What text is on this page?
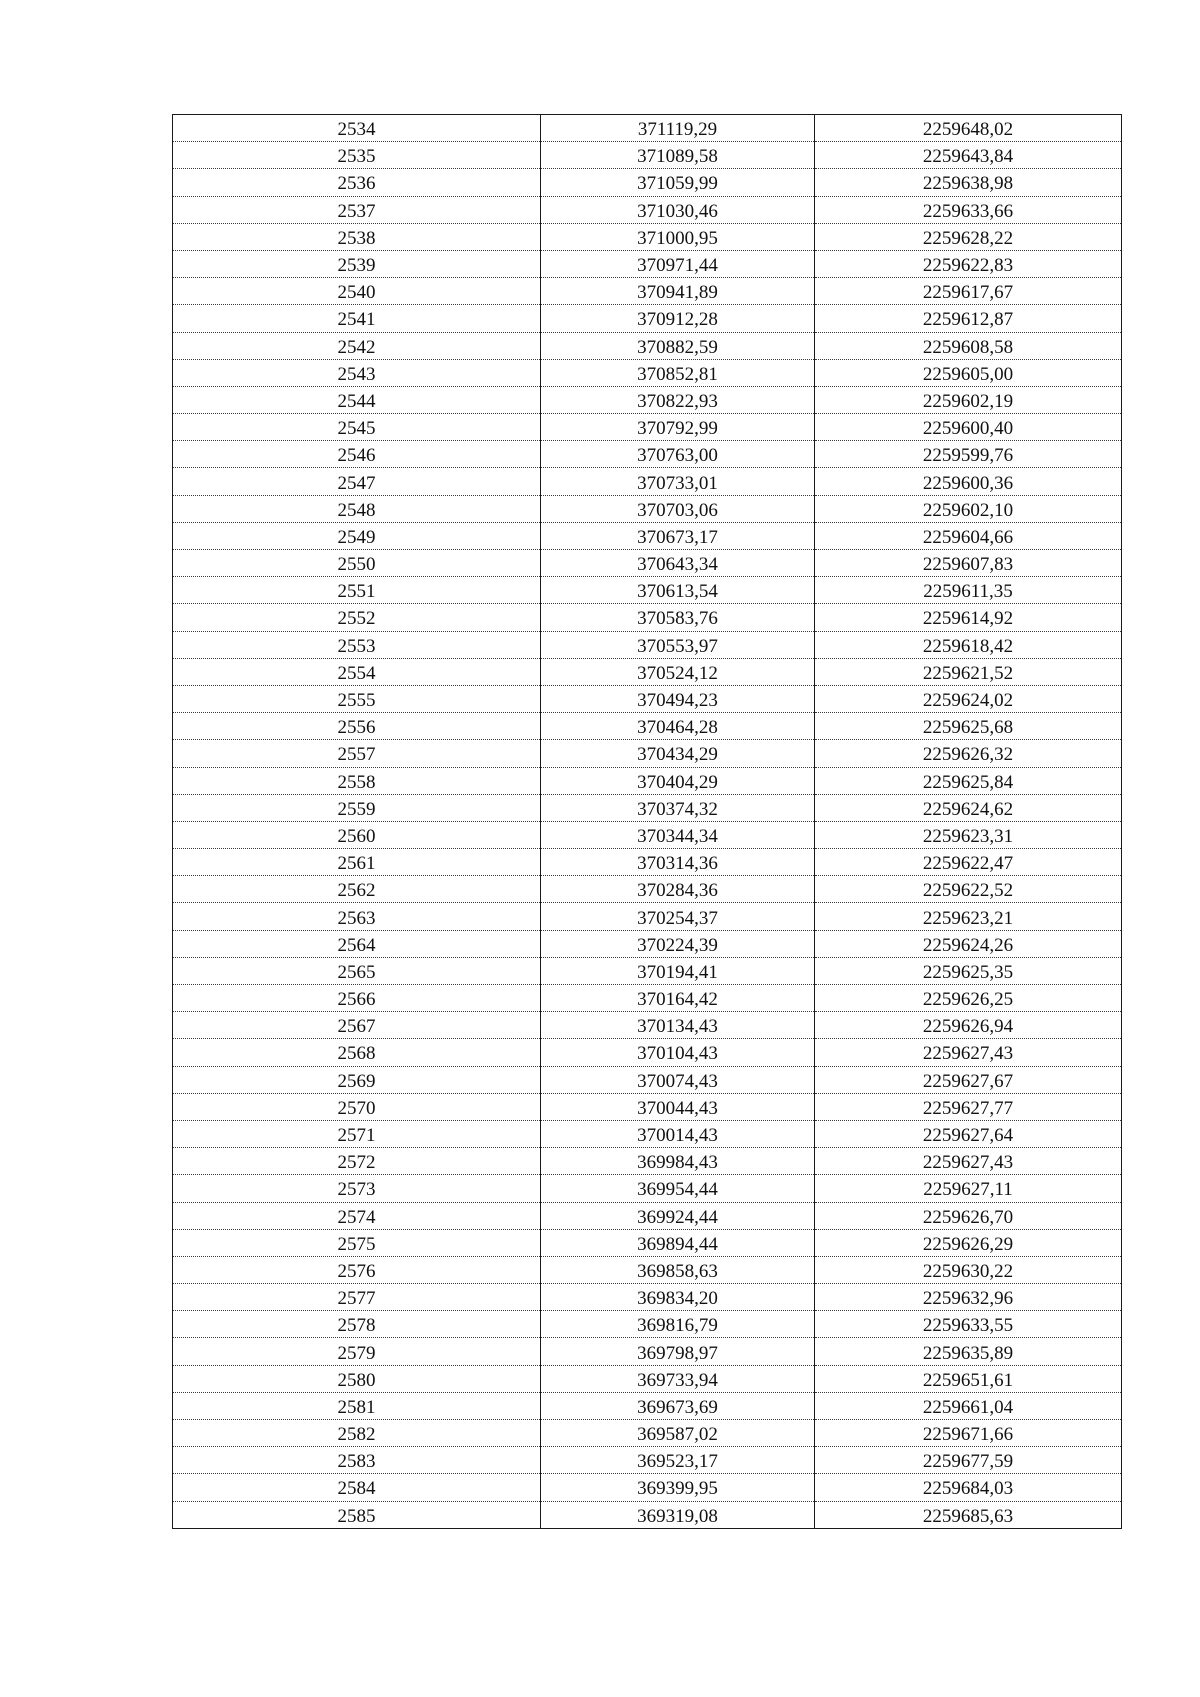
2534	371119,29	2259648,02
2535	371089,58	2259643,84
2536	371059,99	2259638,98
2537	371030,46	2259633,66
2538	371000,95	2259628,22
2539	370971,44	2259622,83
2540	370941,89	2259617,67
2541	370912,28	2259612,87
2542	370882,59	2259608,58
2543	370852,81	2259605,00
2544	370822,93	2259602,19
2545	370792,99	2259600,40
2546	370763,00	2259599,76
2547	370733,01	2259600,36
2548	370703,06	2259602,10
2549	370673,17	2259604,66
2550	370643,34	2259607,83
2551	370613,54	2259611,35
2552	370583,76	2259614,92
2553	370553,97	2259618,42
2554	370524,12	2259621,52
2555	370494,23	2259624,02
2556	370464,28	2259625,68
2557	370434,29	2259626,32
2558	370404,29	2259625,84
2559	370374,32	2259624,62
2560	370344,34	2259623,31
2561	370314,36	2259622,47
2562	370284,36	2259622,52
2563	370254,37	2259623,21
2564	370224,39	2259624,26
2565	370194,41	2259625,35
2566	370164,42	2259626,25
2567	370134,43	2259626,94
2568	370104,43	2259627,43
2569	370074,43	2259627,67
2570	370044,43	2259627,77
2571	370014,43	2259627,64
2572	369984,43	2259627,43
2573	369954,44	2259627,11
2574	369924,44	2259626,70
2575	369894,44	2259626,29
2576	369858,63	2259630,22
2577	369834,20	2259632,96
2578	369816,79	2259633,55
2579	369798,97	2259635,89
2580	369733,94	2259651,61
2581	369673,69	2259661,04
2582	369587,02	2259671,66
2583	369523,17	2259677,59
2584	369399,95	2259684,03
2585	369319,08	2259685,63
